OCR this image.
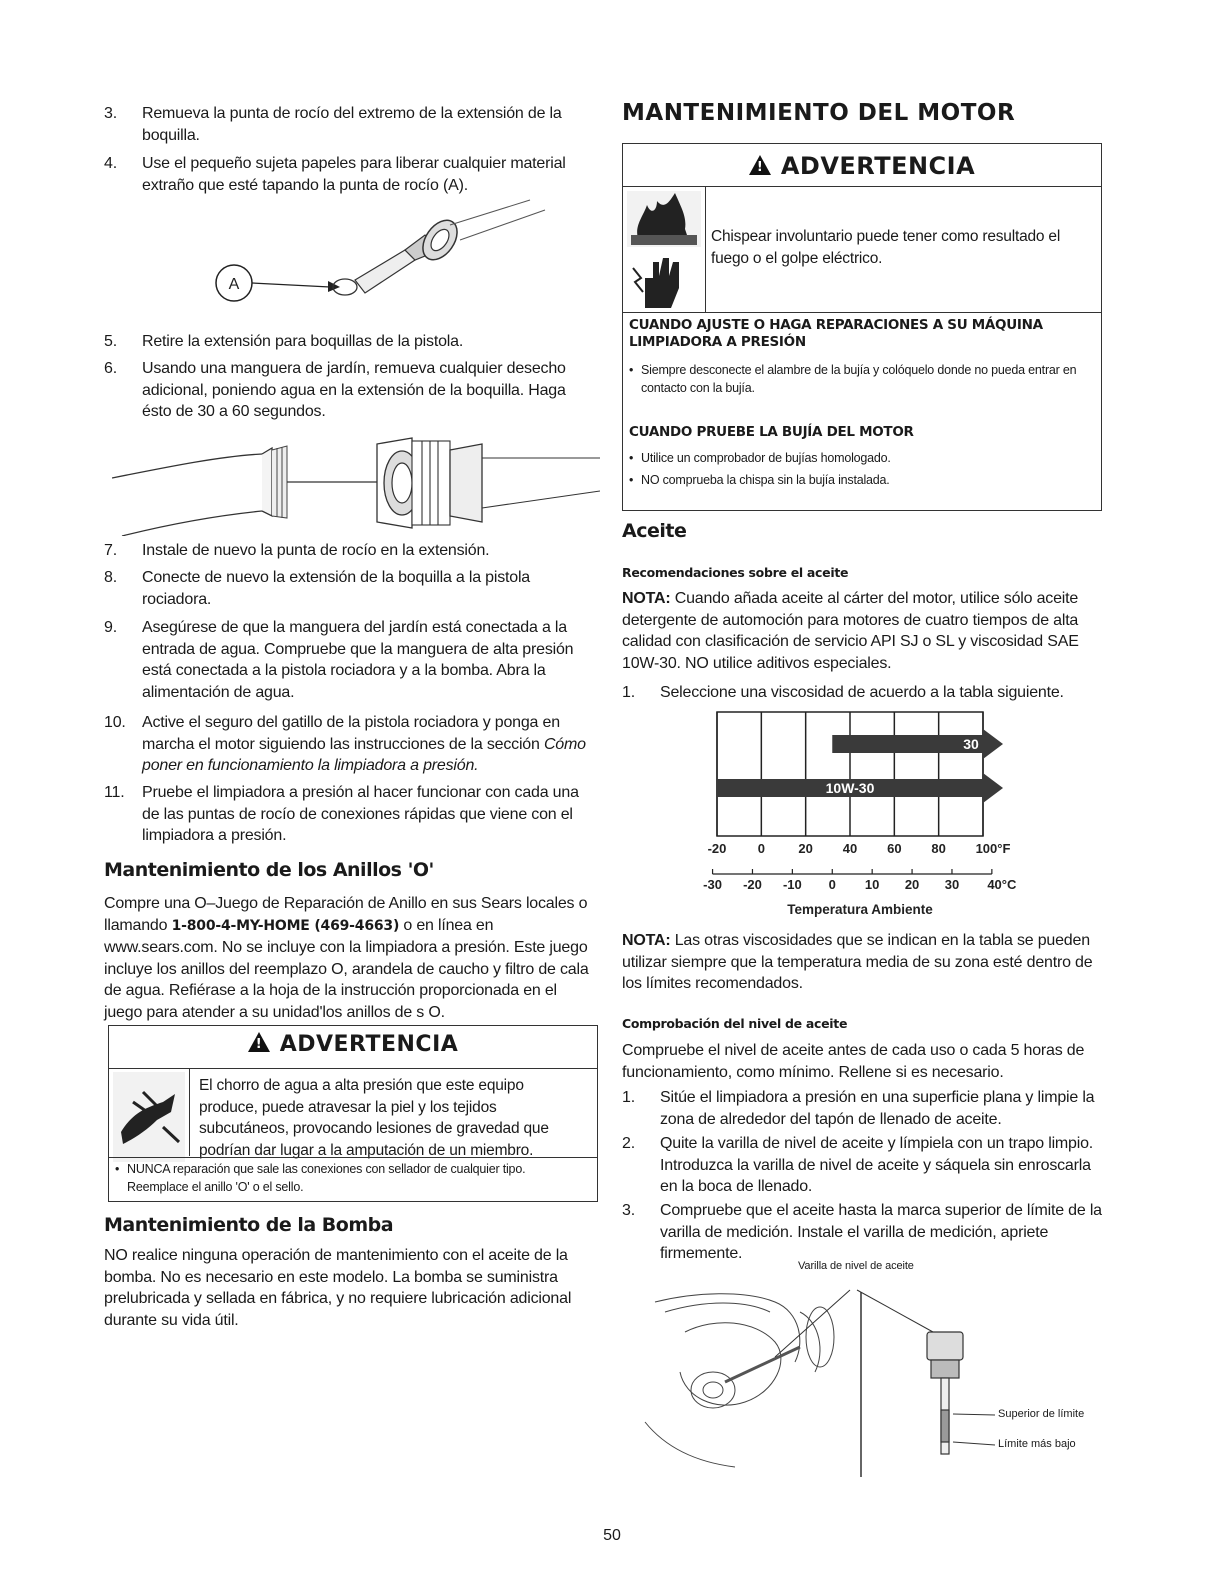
3. Remueva la punta de rocío del extremo de la extensión de la boquilla.
4. Use el pequeño sujeta papeles para liberar cualquier material extraño que esté tapando la punta de rocío (A).
A
5. Retire la extensión para boquillas de la pistola.
6. Usando una manguera de jardín, remueva cualquier desecho adicional, poniendo agua en la extensión de la boquilla. Haga ésto de 30 a 60 segundos.
7. Instale de nuevo la punta de rocío en la extensión.
8. Conecte de nuevo la extensión de la boquilla a la pistola rociadora.
9. Asegúrese de que la manguera del jardín está conectada a la entrada de agua. Compruebe que la manguera de alta presión está conectada a la pistola rociadora y a la bomba. Abra la alimentación de agua.
10. Active el seguro del gatillo de la pistola rociadora y ponga en marcha el motor siguiendo las instrucciones de la sección Cómo poner en funcionamiento la limpiadora a presión.
11. Pruebe el limpiadora a presión al hacer funcionar con cada una de las puntas de rocío de conexiones rápidas que viene con el limpiadora a presión.
Mantenimiento de los Anillos 'O'
Compre una O–Juego de Reparación de Anillo en sus Sears locales o llamando 1-800-4-MY-HOME (469-4663) o en línea en www.sears.com. No se incluye con la limpiadora a presión. Este juego incluye los anillos del reemplazo O, arandela de caucho y filtro de cala de agua. Refiérase a la hoja de la instrucción proporcionada en el juego para atender a su unidad'los anillos de s O.
!ADVERTENCIA
El chorro de agua a alta presión que este equipo produce, puede atravesar la piel y los tejidos subcutáneos, provocando lesiones de gravedad que podrían dar lugar a la amputación de un miembro.
• NUNCA reparación que sale las conexiones con sellador de cualquier tipo. Reemplace el anillo 'O' o el sello.
Mantenimiento de la Bomba
NO realice ninguna operación de mantenimiento con el aceite de la bomba. No es necesario en este modelo. La bomba se suministra prelubricada y sellada en fábrica, y no requiere lubricación adicional durante su vida útil.
MANTENIMIENTO DEL MOTOR
!ADVERTENCIA
Chispear involuntario puede tener como resultado el fuego o el golpe eléctrico.
CUANDO AJUSTE O HAGA REPARACIONES A SU MÁQUINA LIMPIADORA A PRESIÓN
• Siempre desconecte el alambre de la bujía y colóquelo donde no pueda entrar en contacto con la bujía.
CUANDO PRUEBE LA BUJÍA DEL MOTOR
• Utilice un comprobador de bujías homologado.
• NO comprueba la chispa sin la bujía instalada.
Aceite
Recomendaciones sobre el aceite
NOTA: Cuando añada aceite al cárter del motor, utilice sólo aceite detergente de automoción para motores de cuatro tiempos de alta calidad con clasificación de servicio API SJ o SL y viscosidad SAE 10W-30. NO utilice aditivos especiales.
1. Seleccione una viscosidad de acuerdo a la tabla siguiente.
30
10W-30
-20 0	20 40 60 80 100°F
-30 -20 -10 0 10 20 30 40°C
Temperatura Ambiente
NOTA: Las otras viscosidades que se indican en la tabla se pueden utilizar siempre que la temperatura media de su zona esté dentro de los límites recomendados.
Comprobación del nivel de aceite
Compruebe el nivel de aceite antes de cada uso o cada 5 horas de funcionamiento, como mínimo. Rellene si es necesario.
1. Sitúe el limpiadora a presión en una superficie plana y limpie la zona de alrededor del tapón de llenado de aceite.
2. Quite la varilla de nivel de aceite y límpiela con un trapo limpio. Introduzca la varilla de nivel de aceite y sáquela sin enroscarla en la boca de llenado.
3. Compruebe que el aceite hasta la marca superior de límite de la varilla de medición. Instale el varilla de medición, apriete firmemente.
Varilla de nivel de aceite
Superior de límite
Límite más bajo
50
